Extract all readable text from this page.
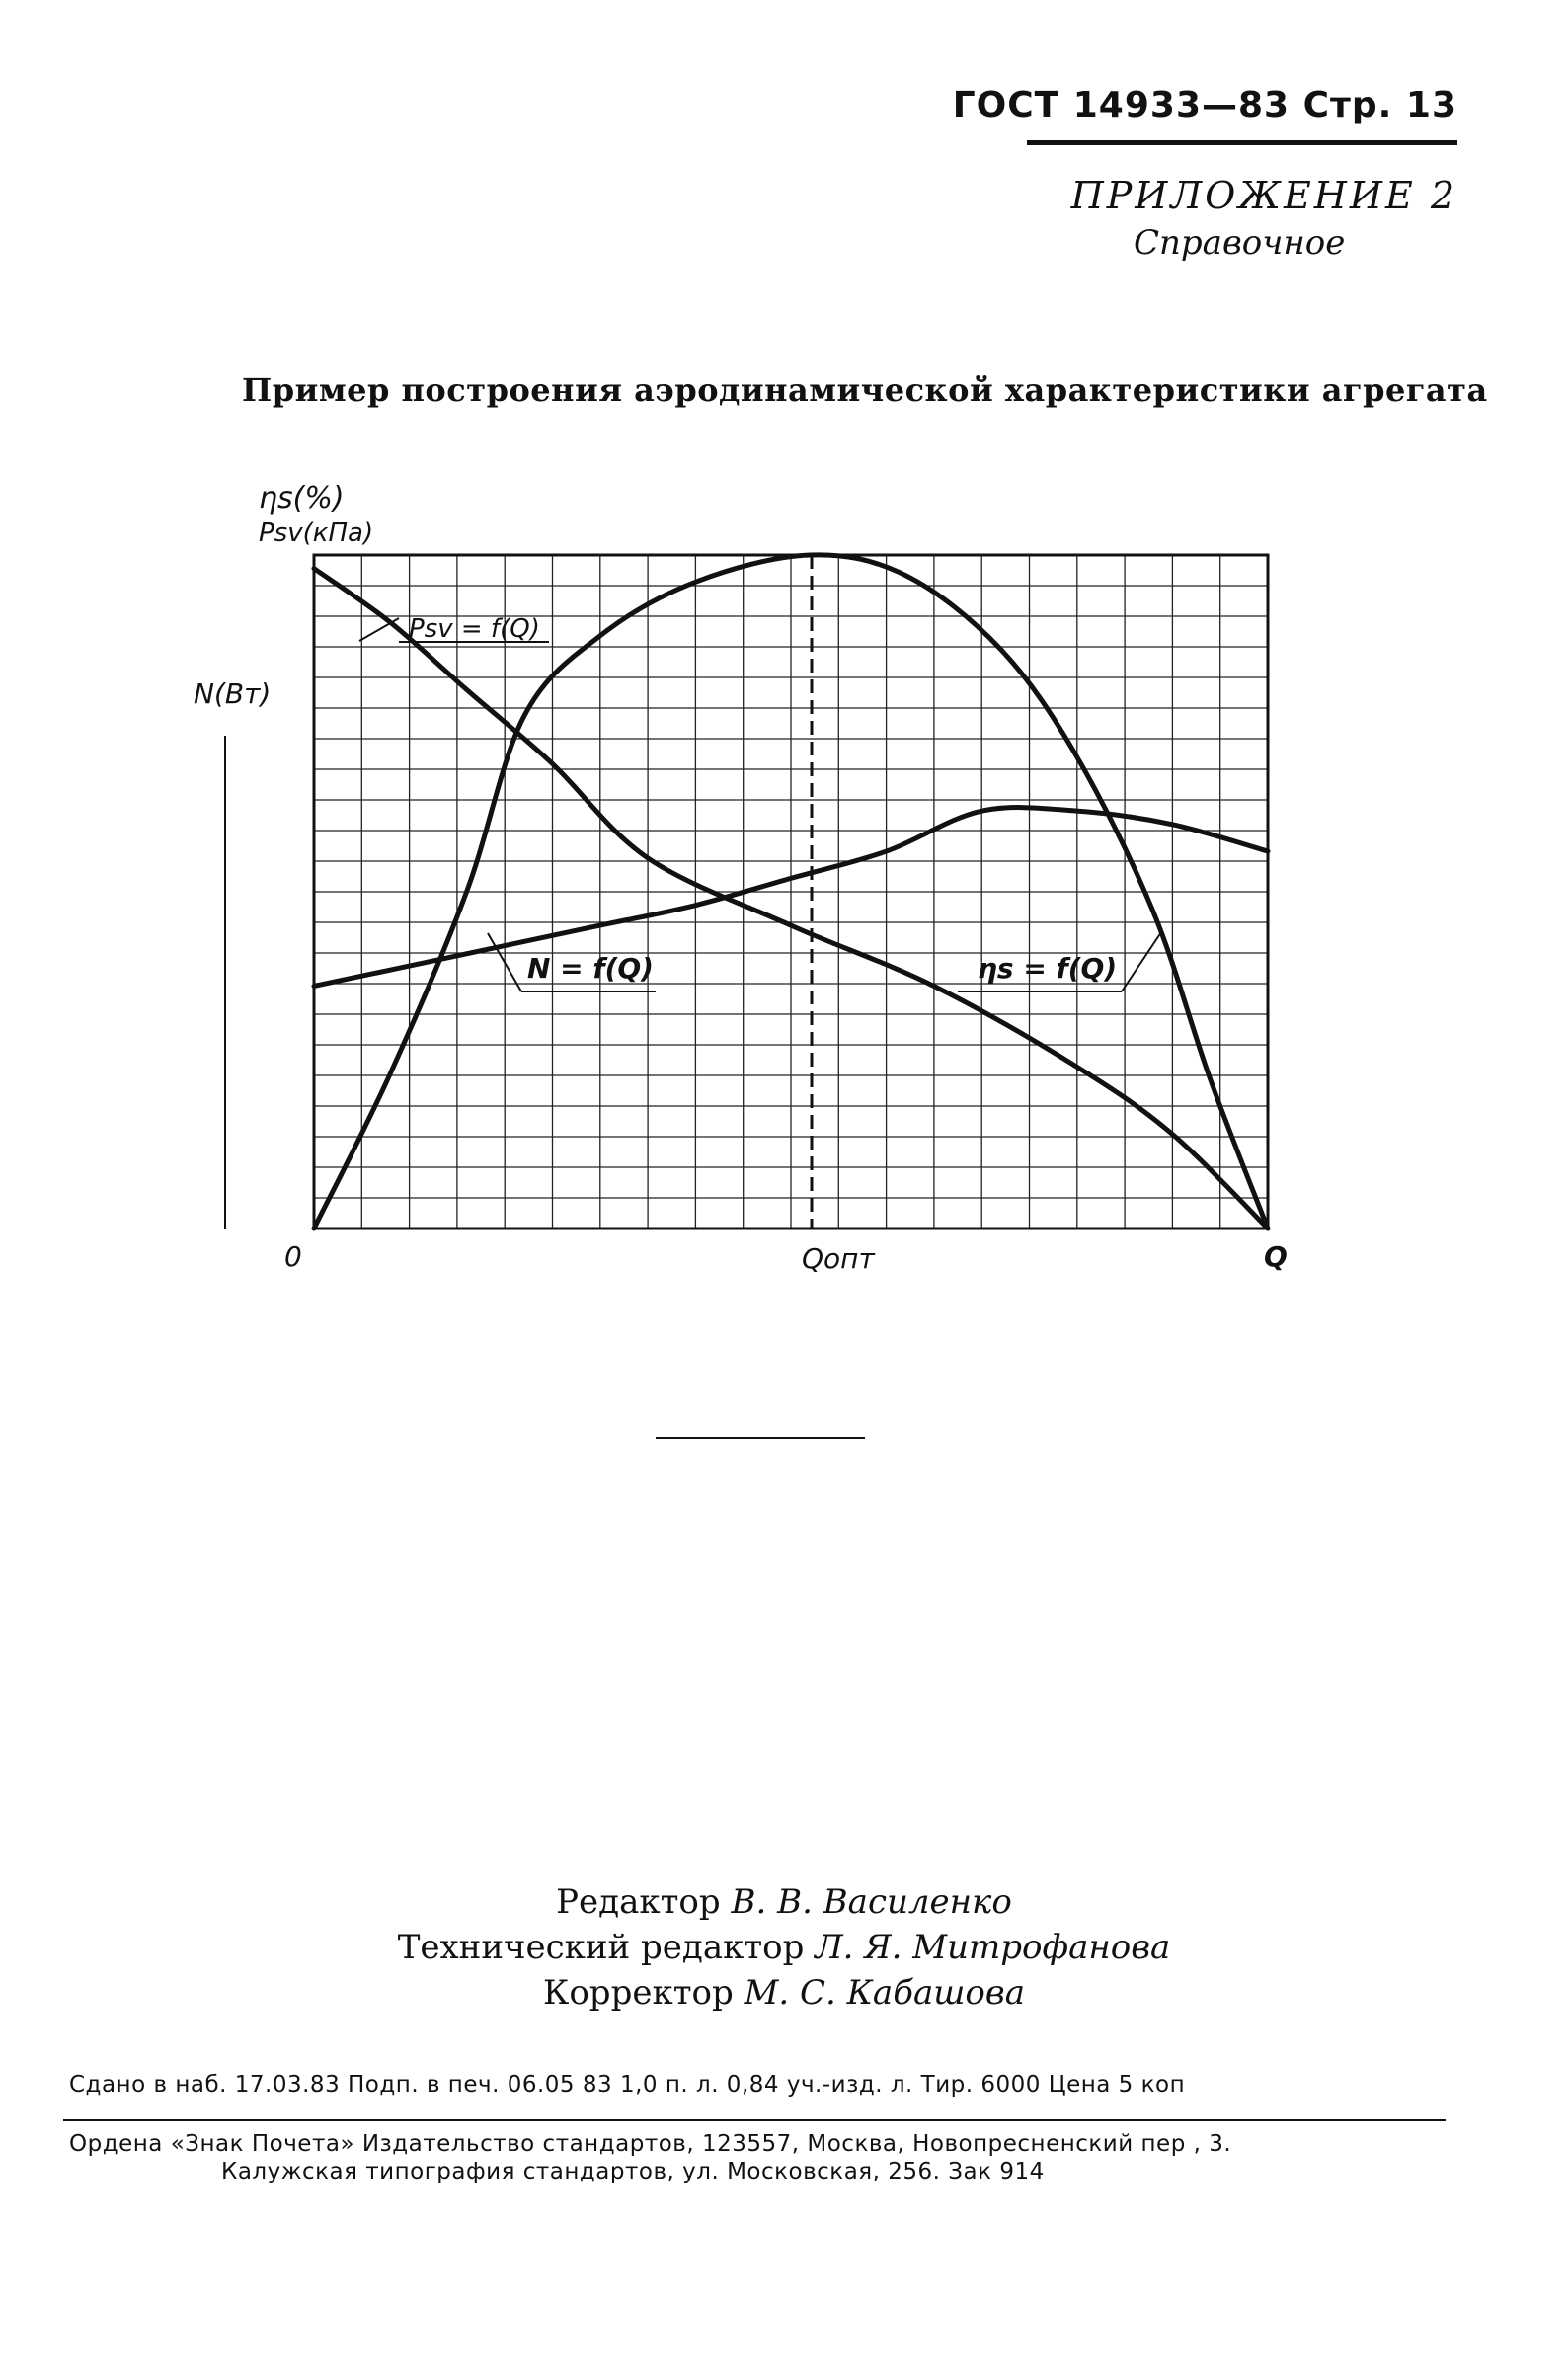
ГОСТ 14933—83 Стр. 13
ПРИЛОЖЕНИЕ 2
Справочное
Пример построения аэродинамической характеристики агрегата
Psv = f(Q)
N = f(Q)	ηs = f(Q)
ηs(%)
Psv(кПа)
N(Вт)
0	Qопт	Q
Редактор В. В. Василенко
Технический редактор Л. Я. Митрофанова
Корректор М. С. Кабашова
Сдано в наб. 17.03.83 Подп. в печ. 06.05 83 1,0 п. л. 0,84 уч.-изд. л. Тир. 6000 Цена 5 коп
Ордена «Знак Почета» Издательство стандартов, 123557, Москва, Новопресненский пер , 3.
Калужская типография стандартов, ул. Московская, 256. Зак 914
